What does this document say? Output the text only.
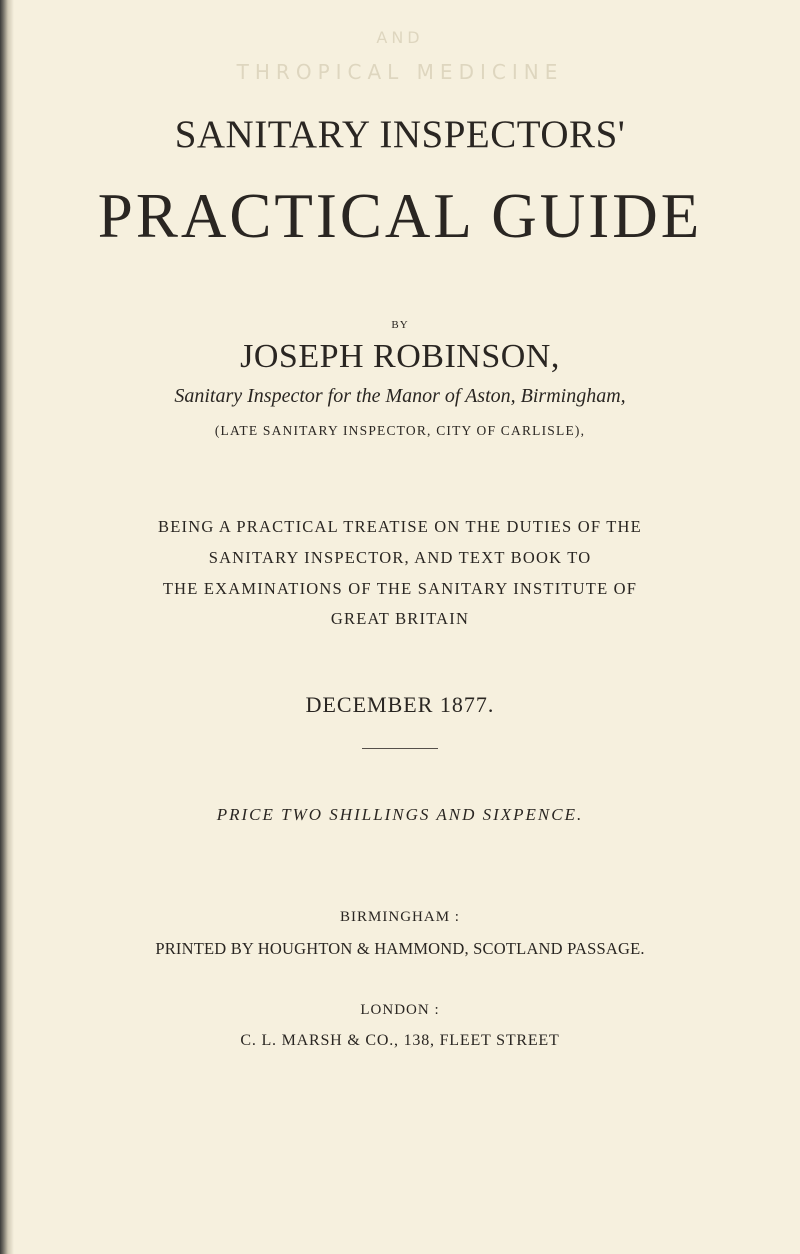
AND
THROPICAL MEDICINE
SANITARY INSPECTORS'
PRACTICAL GUIDE
BY
JOSEPH ROBINSON,
Sanitary Inspector for the Manor of Aston, Birmingham,
(LATE SANITARY INSPECTOR, CITY OF CARLISLE),
BEING A PRACTICAL TREATISE ON THE DUTIES OF THE
SANITARY INSPECTOR, AND TEXT BOOK TO
THE EXAMINATIONS OF THE SANITARY INSTITUTE OF
GREAT BRITAIN
DECEMBER 1877.
PRICE TWO SHILLINGS AND SIXPENCE.
BIRMINGHAM :
PRINTED BY HOUGHTON & HAMMOND, SCOTLAND PASSAGE.
LONDON :
C. L. MARSH & CO., 138, FLEET STREET
